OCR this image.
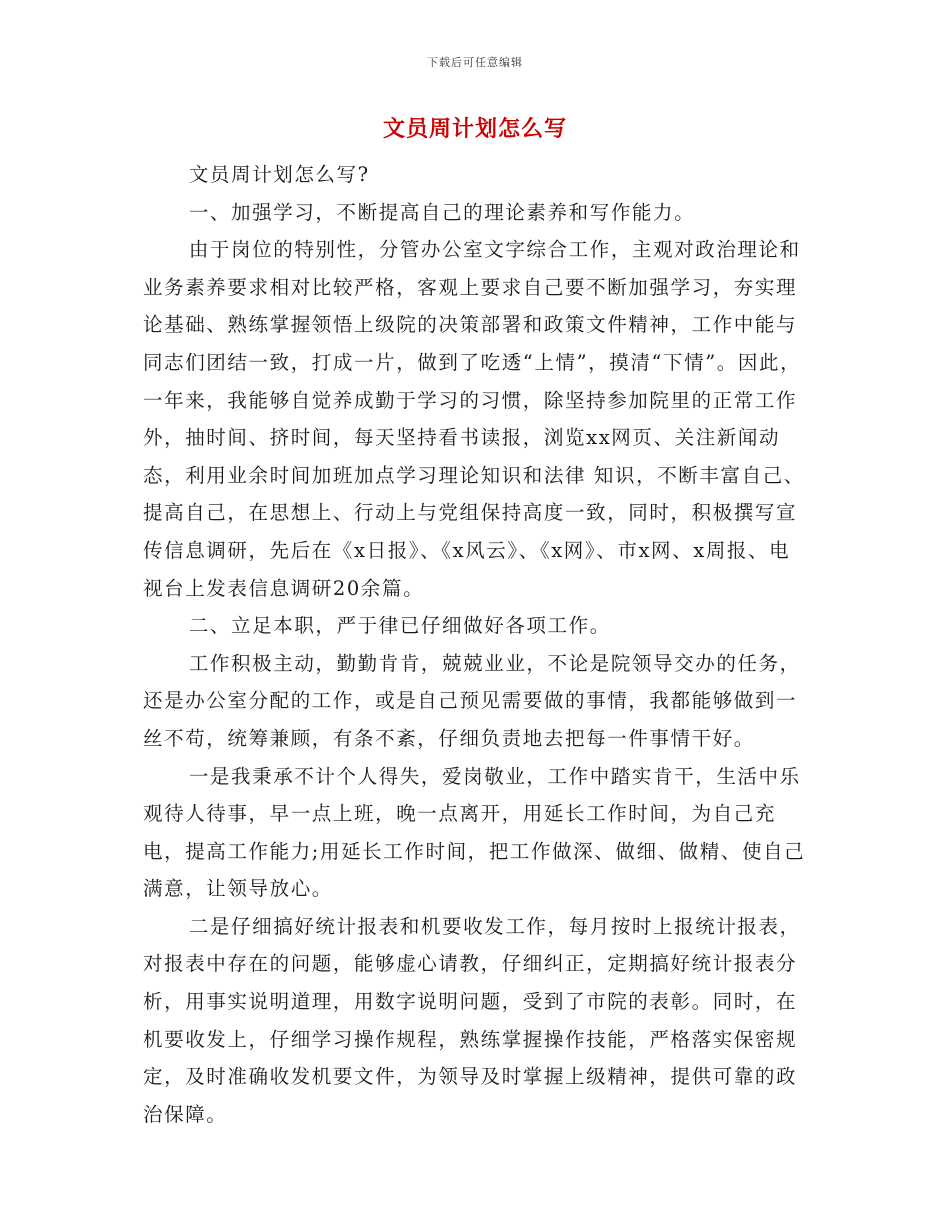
下载后可任意编辑
文员周计划怎么写

文员周计划怎么写?

一、加强学习，不断提高自己的理论素养和写作能力。

由于岗位的特别性，分管办公室文字综合工作，主观对政治理论和业务素养要求相对比较严格，客观上要求自己要不断加强学习，夯实理论基础、熟练掌握领悟上级院的决策部署和政策文件精神，工作中能与同志们团结一致，打成一片，做到了吃透“上情”，摸清“下情”。因此，一年来，我能够自觉养成勤于学习的习惯，除坚持参加院里的正常工作外，抽时间、挤时间，每天坚持看书读报，浏览xx网页、关注新闻动态，利用业余时间加班加点学习理论知识和法律 知识，不断丰富自己、提高自己，在思想上、行动上与党组保持高度一致，同时，积极撰写宣传信息调研，先后在《x日报》、《x风云》、《x网》、市x网、x周报、电视台上发表信息调研20余篇。

二、立足本职，严于律已仔细做好各项工作。

工作积极主动，勤勤肯肯，兢兢业业，不论是院领导交办的任务，还是办公室分配的工作，或是自己预见需要做的事情，我都能够做到一丝不苟，统筹兼顾，有条不紊，仔细负责地去把每一件事情干好。

一是我秉承不计个人得失，爱岗敬业，工作中踏实肯干，生活中乐观待人待事，早一点上班，晚一点离开，用延长工作时间，为自己充电，提高工作能力;用延长工作时间，把工作做深、做细、做精、使自己满意，让领导放心。

二是仔细搞好统计报表和机要收发工作，每月按时上报统计报表，对报表中存在的问题，能够虚心请教，仔细纠正，定期搞好统计报表分析，用事实说明道理，用数字说明问题，受到了市院的表彰。同时，在机要收发上，仔细学习操作规程，熟练掌握操作技能，严格落实保密规定，及时准确收发机要文件，为领导及时掌握上级精神，提供可靠的政治保障。
